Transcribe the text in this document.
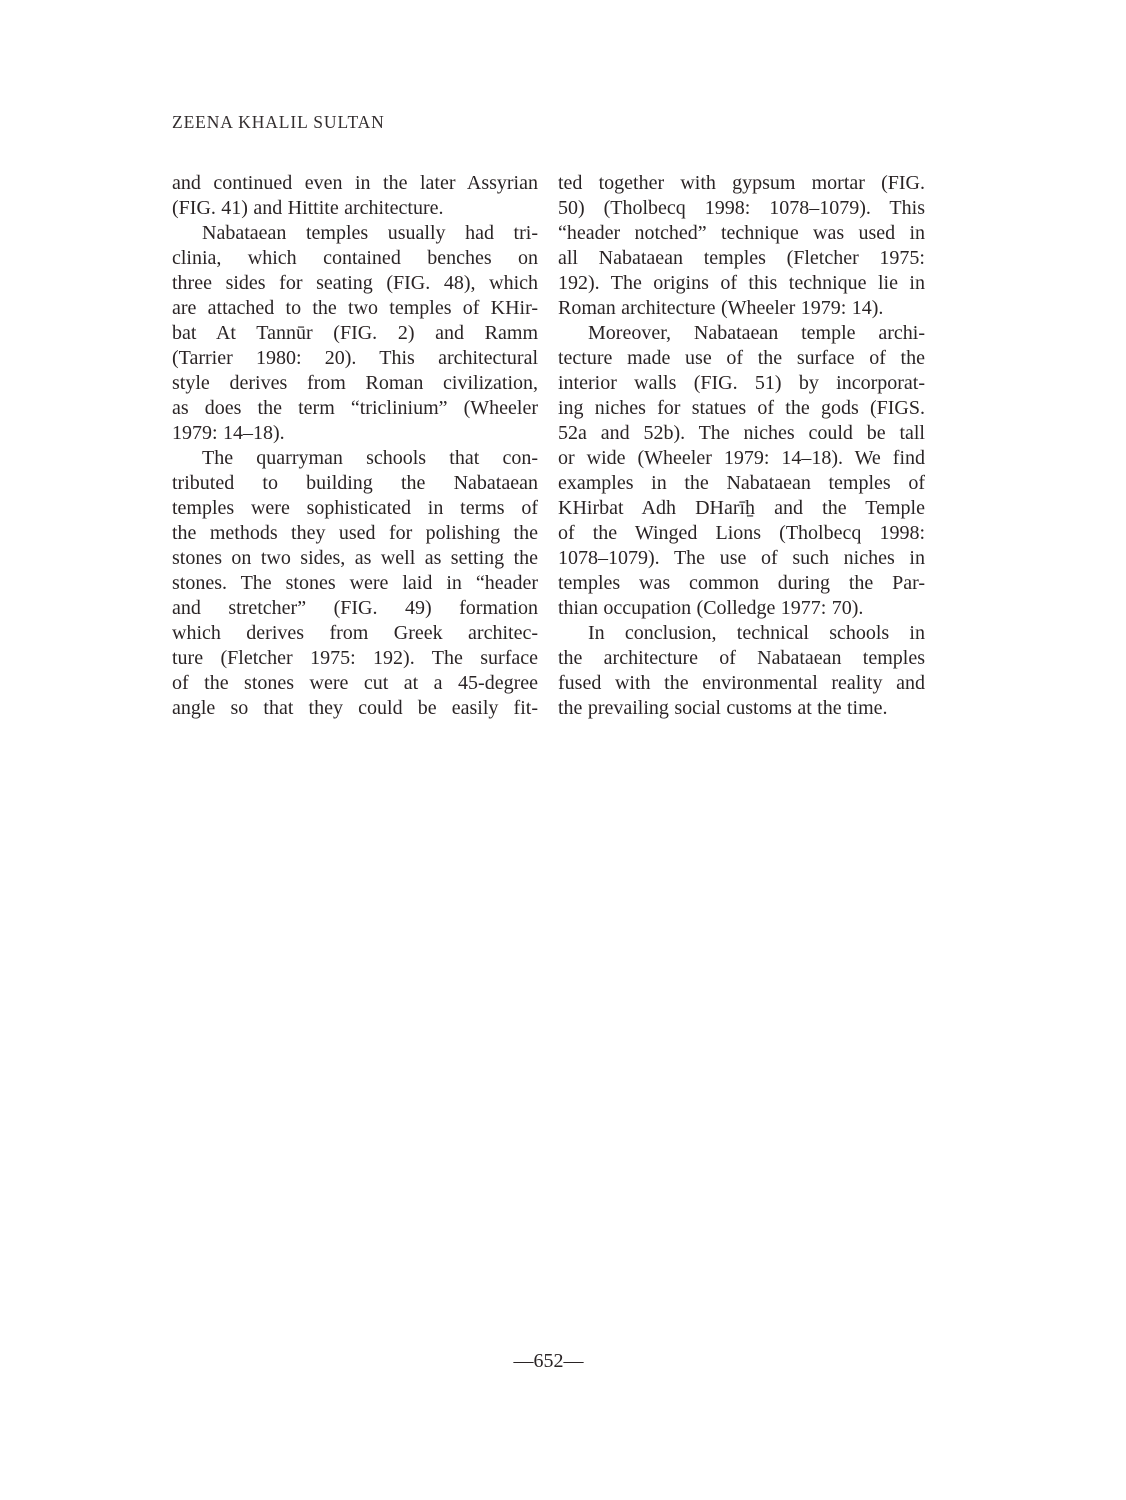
ZEENA KHALIL SULTAN
and continued even in the later Assyrian
(FIG. 41) and Hittite architecture.
Nabataean temples usually had tri-
clinia, which contained benches on
three sides for seating (FIG. 48), which
are attached to the two temples of KHir-
bat At Tannūr (FIG. 2) and Ramm
(Tarrier 1980: 20). This architectural
style derives from Roman civilization,
as does the term “triclinium” (Wheeler
1979: 14–18).
The quarryman schools that con-
tributed to building the Nabataean
temples were sophisticated in terms of
the methods they used for polishing the
stones on two sides, as well as setting the
stones. The stones were laid in “header
and stretcher” (FIG. 49) formation
which derives from Greek architec-
ture (Fletcher 1975: 192). The surface
of the stones were cut at a 45-degree
angle so that they could be easily fit-
ted together with gypsum mortar (FIG.
50) (Tholbecq 1998: 1078–1079). This
“header notched” technique was used in
all Nabataean temples (Fletcher 1975:
192). The origins of this technique lie in
Roman architecture (Wheeler 1979: 14).
Moreover, Nabataean temple archi-
tecture made use of the surface of the
interior walls (FIG. 51) by incorporat-
ing niches for statues of the gods (FIGS.
52a and 52b). The niches could be tall
or wide (Wheeler 1979: 14–18). We find
examples in the Nabataean temples of
KHirbat Adh DHarīẖ and the Temple
of the Winged Lions (Tholbecq 1998:
1078–1079). The use of such niches in
temples was common during the Par-
thian occupation (Colledge 1977: 70).
In conclusion, technical schools in
the architecture of Nabataean temples
fused with the environmental reality and
the prevailing social customs at the time.
—652—
